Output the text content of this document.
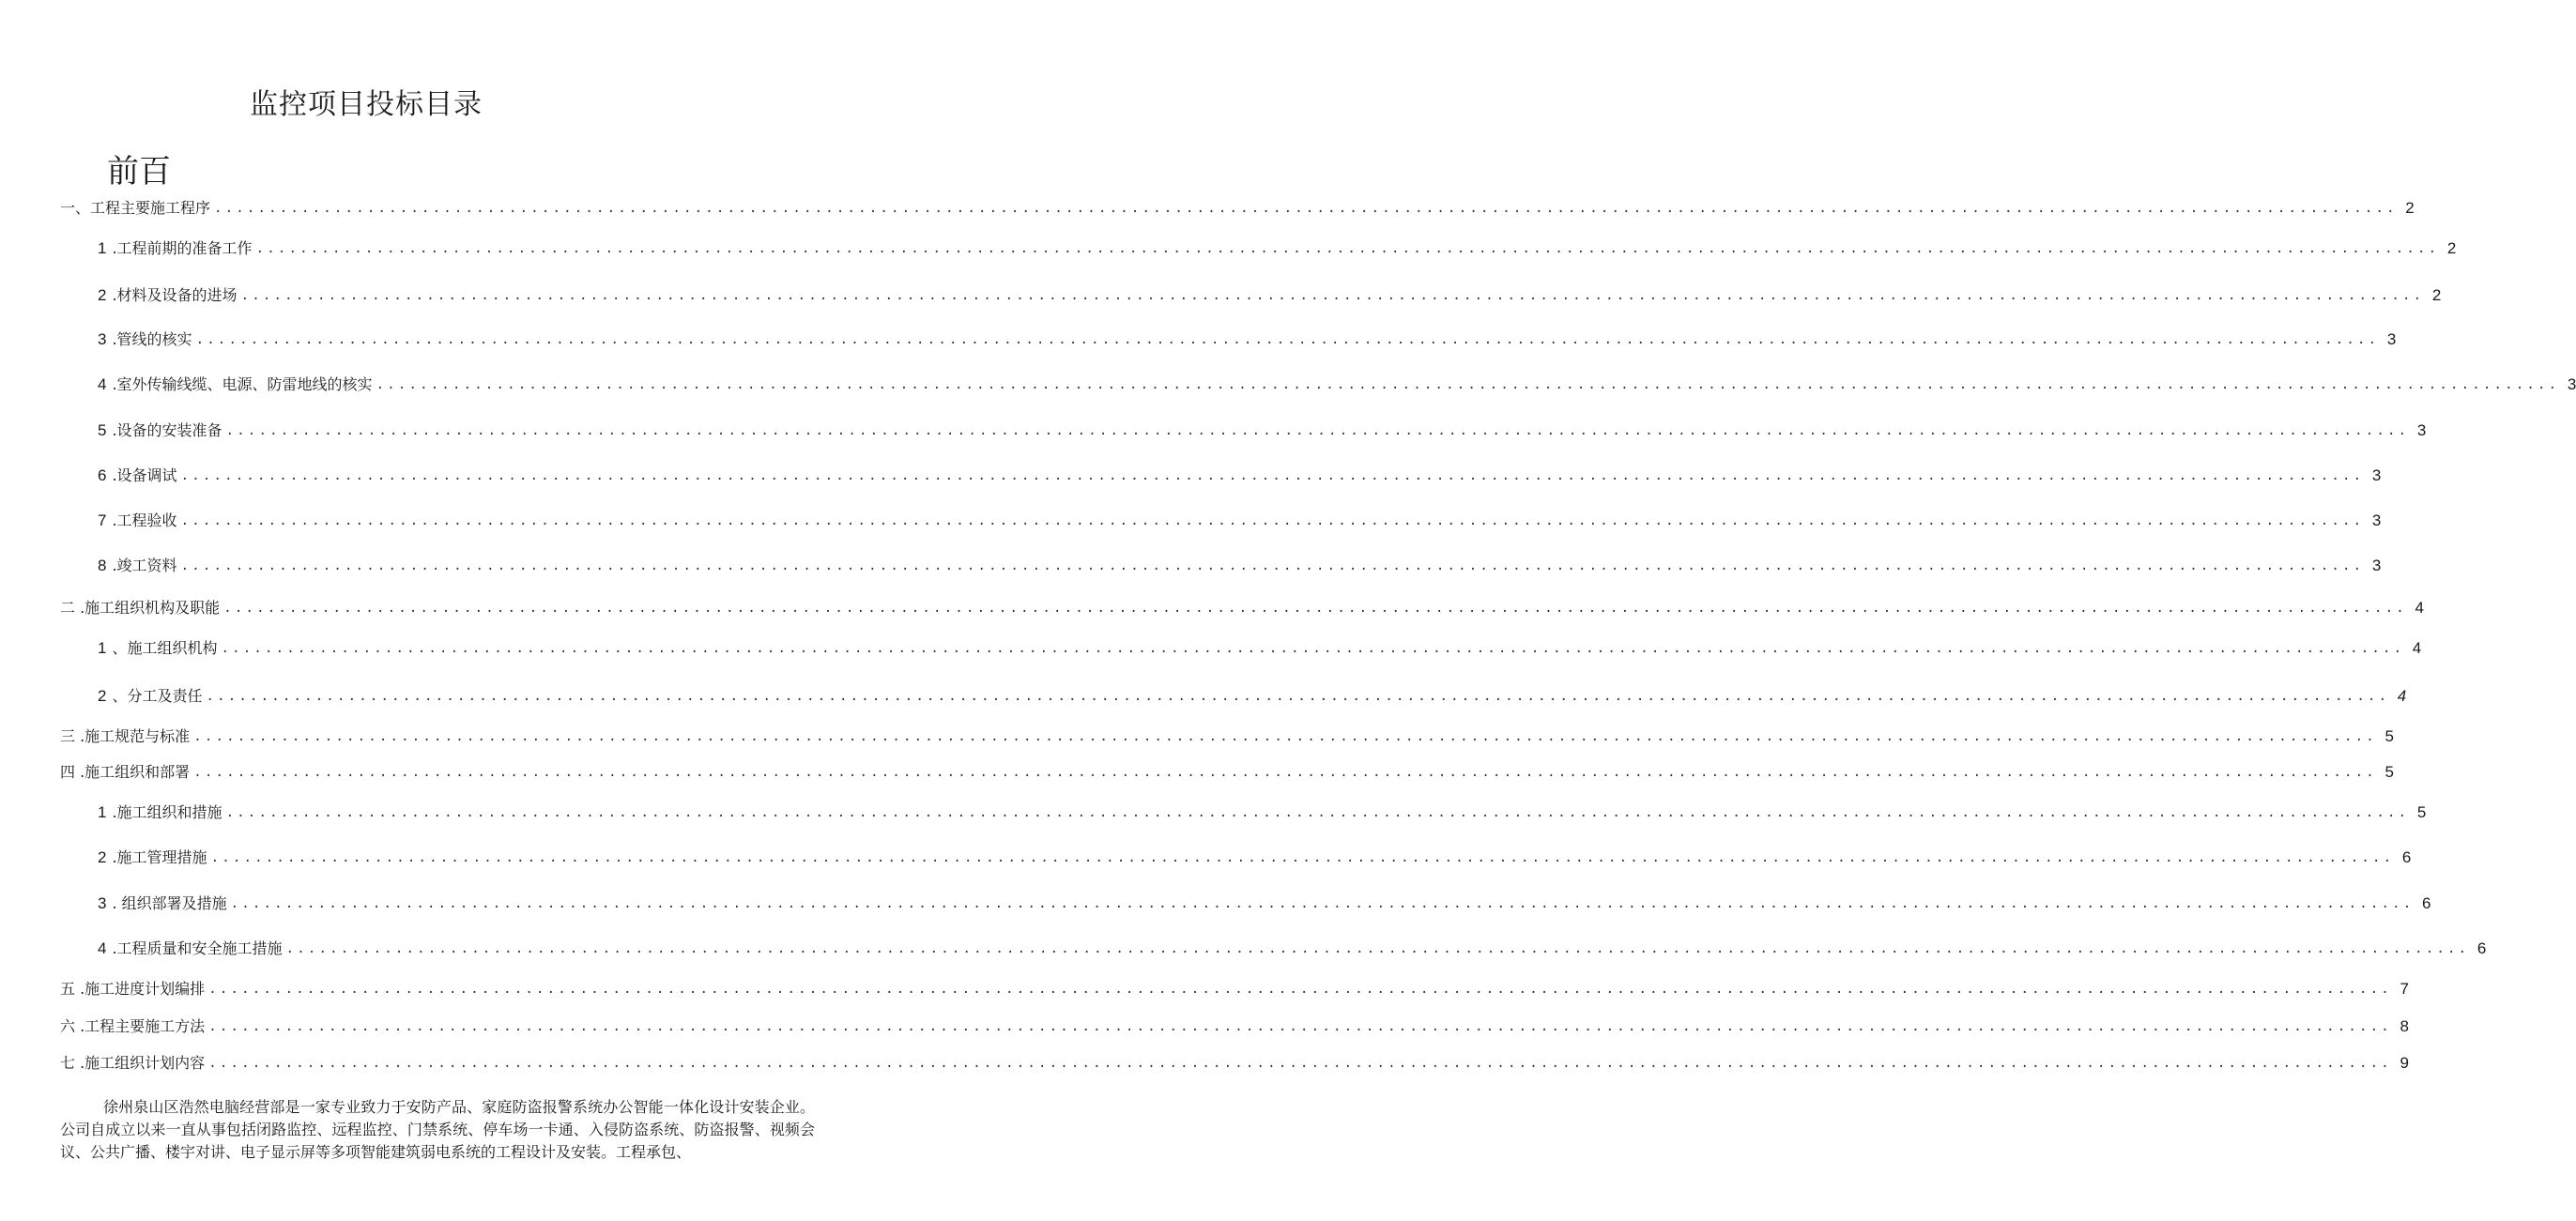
监控项目投标目录
前百
一、工程主要施工程序 ........................................................................................................................................................................................................ 2
1 .工程前期的准备工作 ........................................................................................................................................................................................................ 2
2 .材料及设备的进场 ........................................................................................................................................................................................................ 2
3 .管线的核实 ........................................................................................................................................................................................................ 3
4 .室外传输线缆、电源、防雷地线的核实 ........................................................................................................................................................................................................ 3
5 .设备的安装准备 ........................................................................................................................................................................................................ 3
6 .设备调试 ........................................................................................................................................................................................................ 3
7 .工程验收 ........................................................................................................................................................................................................ 3
8 .竣工资料 ........................................................................................................................................................................................................ 3
二 .施工组织机构及职能 ........................................................................................................................................................................................................ 4
1 、施工组织机构 ........................................................................................................................................................................................................ 4
2 、分工及责任 ........................................................................................................................................................................................................ 4
三 .施工规范与标准 ........................................................................................................................................................................................................ 5
四 .施工组织和部署 ........................................................................................................................................................................................................ 5
1 .施工组织和措施 ........................................................................................................................................................................................................ 5
2 .施工管理措施 ........................................................................................................................................................................................................ 6
3 . 组织部署及措施 ........................................................................................................................................................................................................ 6
4 .工程质量和安全施工措施 ........................................................................................................................................................................................................ 6
五 .施工进度计划编排 ........................................................................................................................................................................................................ 7
六 .工程主要施工方法 ........................................................................................................................................................................................................ 8
七 .施工组织计划内容 ........................................................................................................................................................................................................ 9
徐州泉山区浩然电脑经营部是一家专业致力于安防产品、家庭防盗报警系统办公智能一体化设计安装企业。公司自成立以来一直从事包括闭路监控、远程监控、门禁系统、停车场一卡通、入侵防盗系统、防盗报警、视频会议、公共广播、楼宇对讲、电子显示屏等多项智能建筑弱电系统的工程设计及安装。工程承包、
